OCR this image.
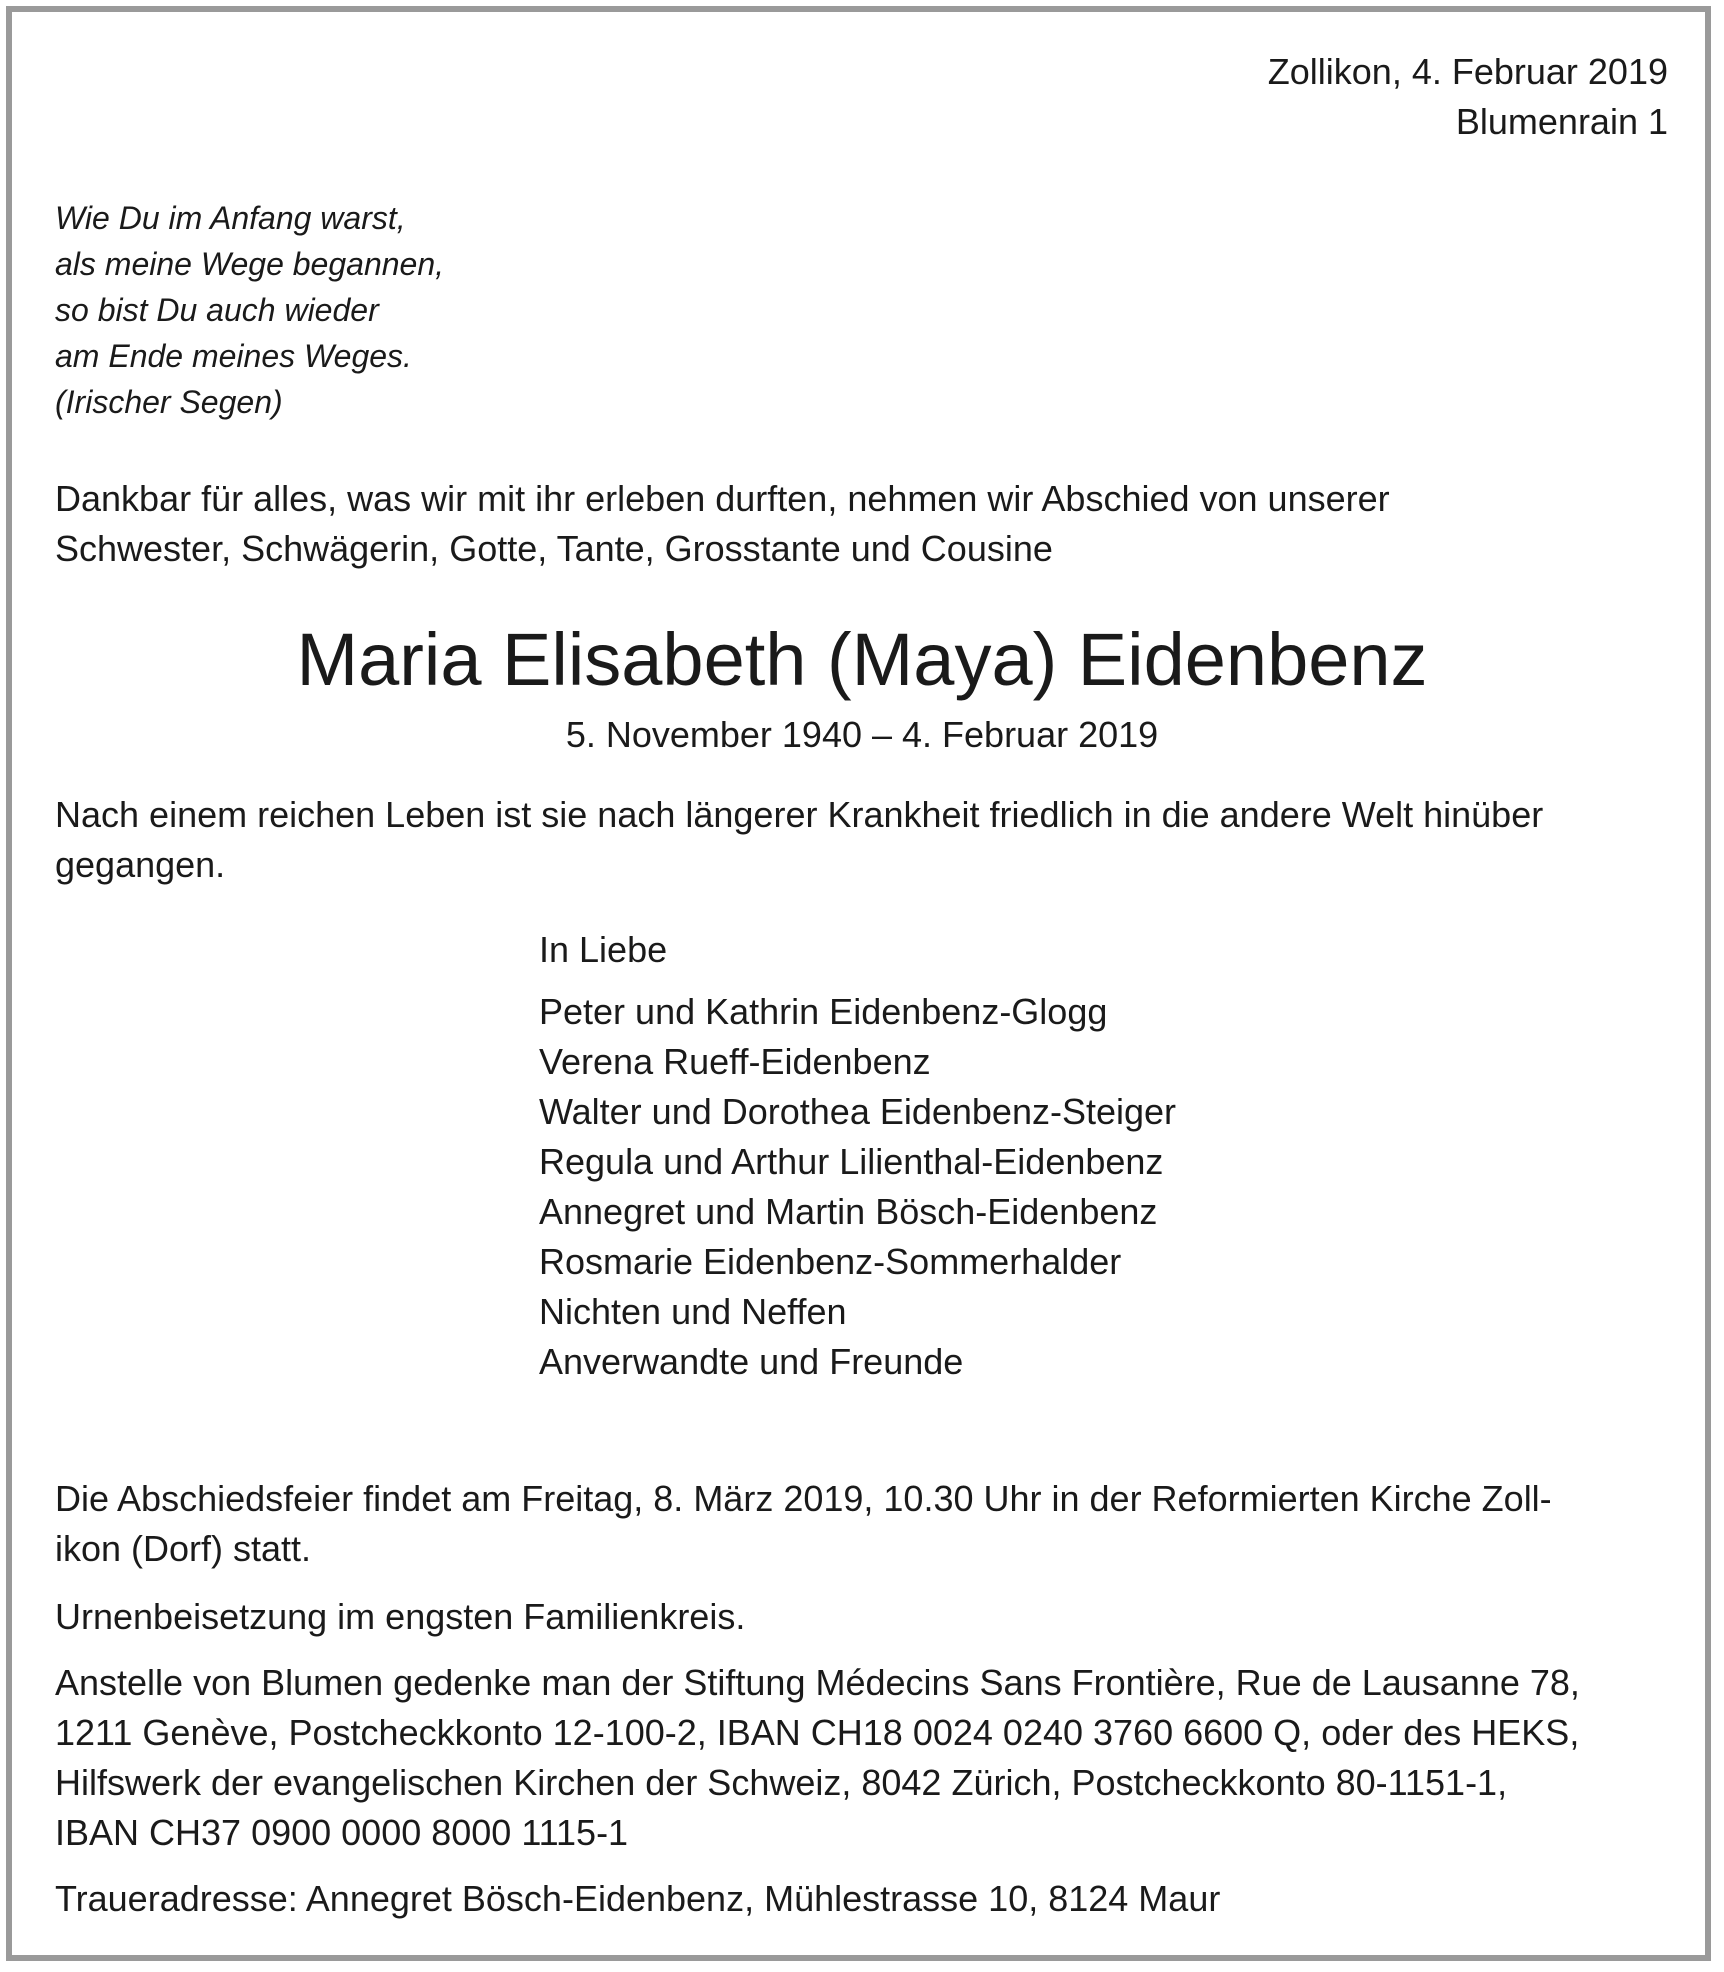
Zollikon, 4. Februar 2019
Blumenrain 1
Wie Du im Anfang warst,
als meine Wege begannen,
so bist Du auch wieder
am Ende meines Weges.
(Irischer Segen)
Dankbar für alles, was wir mit ihr erleben durften, nehmen wir Abschied von unserer
Schwester, Schwägerin, Gotte, Tante, Grosstante und Cousine
Maria Elisabeth (Maya) Eidenbenz
5. November 1940 – 4. Februar 2019
Nach einem reichen Leben ist sie nach längerer Krankheit friedlich in die andere Welt hinüber
gegangen.
In Liebe
Peter und Kathrin Eidenbenz-Glogg
Verena Rueff-Eidenbenz
Walter und Dorothea Eidenbenz-Steiger
Regula und Arthur Lilienthal-Eidenbenz
Annegret und Martin Bösch-Eidenbenz
Rosmarie Eidenbenz-Sommerhalder
Nichten und Neffen
Anverwandte und Freunde
Die Abschiedsfeier findet am Freitag, 8. März 2019, 10.30 Uhr in der Reformierten Kirche Zoll-
ikon (Dorf) statt.
Urnenbeisetzung im engsten Familienkreis.
Anstelle von Blumen gedenke man der Stiftung Médecins Sans Frontière, Rue de Lausanne 78,
1211 Genève, Postcheckkonto 12-100-2, IBAN CH18 0024 0240 3760 6600 Q, oder des HEKS,
Hilfswerk der evangelischen Kirchen der Schweiz, 8042 Zürich, Postcheckkonto 80-1151-1,
IBAN CH37 0900 0000 8000 1115-1
Traueradresse: Annegret Bösch-Eidenbenz, Mühlestrasse 10, 8124 Maur
